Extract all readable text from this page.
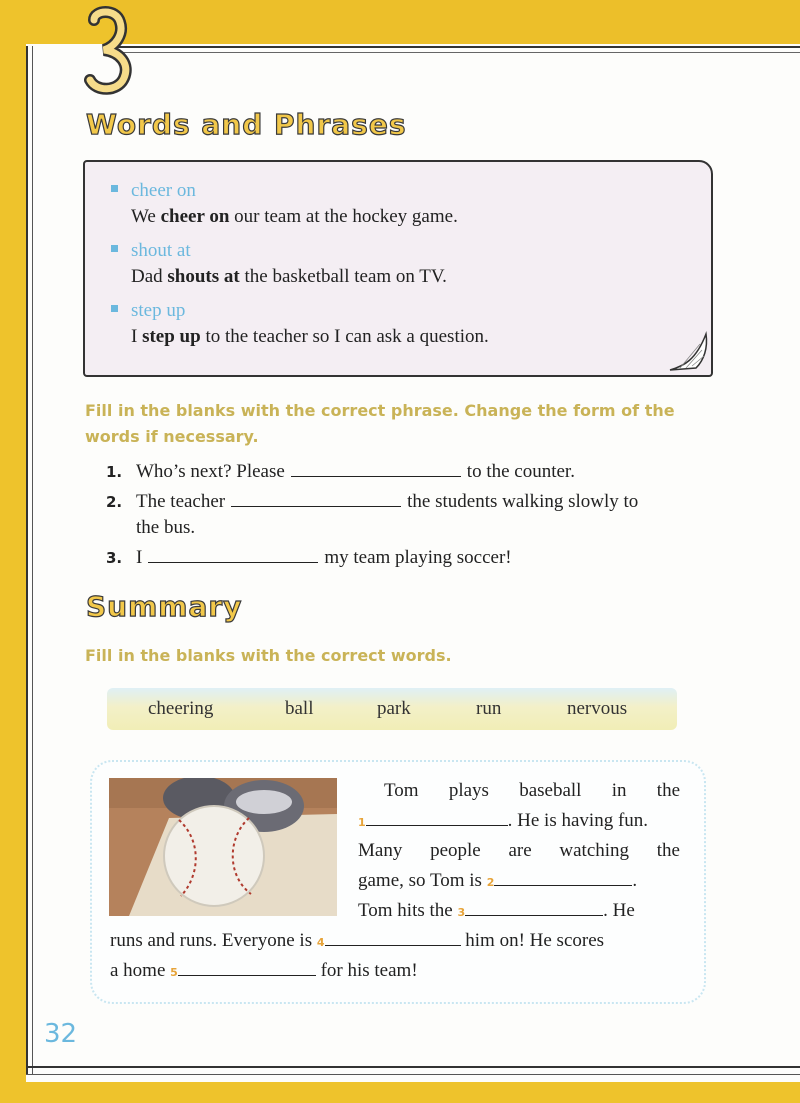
Words and Phrases
cheer on
We cheer on our team at the hockey game.
shout at
Dad shouts at the basketball team on TV.
step up
I step up to the teacher so I can ask a question.
Fill in the blanks with the correct phrase. Change the form of the words if necessary.
1. Who’s next? Please	to the counter.
2. The teacher	the students walking slowly to
the bus.
3. I	my team playing soccer!
Summary
Fill in the blanks with the correct words.
cheering	ball	park	run	nervous
Tom plays baseball in the
1	. He is having fun.
Many people are watching the
game, so Tom is 2	.
Tom hits the 3	. He
runs and runs. Everyone is 4	him on! He scores
a home 5	for his team!
32
